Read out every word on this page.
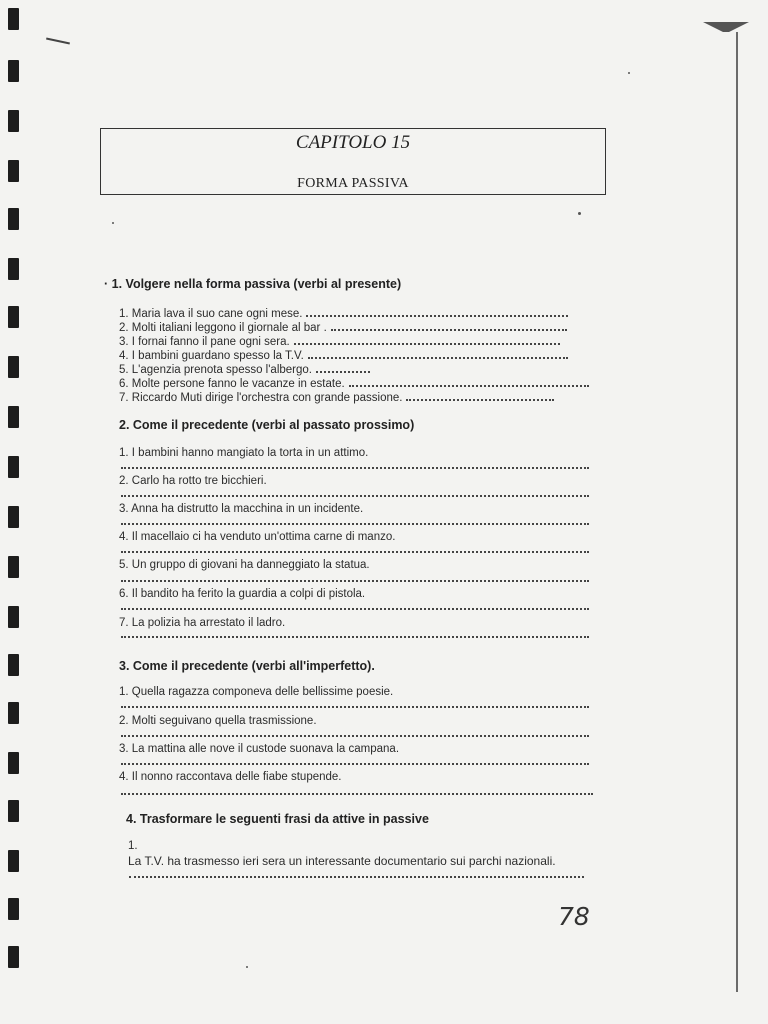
CAPITOLO 15
FORMA PASSIVA
· 1. Volgere nella forma passiva (verbi al presente)
1. Maria lava il suo cane ogni mese.
2. Molti italiani leggono il giornale al bar .
3. I fornai fanno il pane ogni sera.
4. I bambini guardano spesso la T.V.
5. L'agenzia prenota spesso l'albergo.
6. Molte persone fanno le vacanze in estate.
7. Riccardo Muti dirige l'orchestra con grande passione.
2. Come il precedente (verbi al passato prossimo)
1. I bambini hanno mangiato la torta in un attimo.
2. Carlo ha rotto tre bicchieri.
3. Anna ha distrutto la macchina in un incidente.
4. Il macellaio ci ha venduto un'ottima carne di manzo.
5. Un gruppo di giovani ha danneggiato la statua.
6. Il bandito ha ferito la guardia a colpi di pistola.
7. La polizia ha arrestato il ladro.
3. Come il precedente (verbi all'imperfetto).
1. Quella ragazza componeva delle bellissime poesie.
2. Molti seguivano quella trasmissione.
3. La mattina alle nove il custode suonava la campana.
4. Il nonno raccontava delle fiabe stupende.
4. Trasformare le seguenti frasi da attive in passive
1.
La T.V. ha trasmesso ieri sera un interessante documentario sui parchi nazionali.
78
